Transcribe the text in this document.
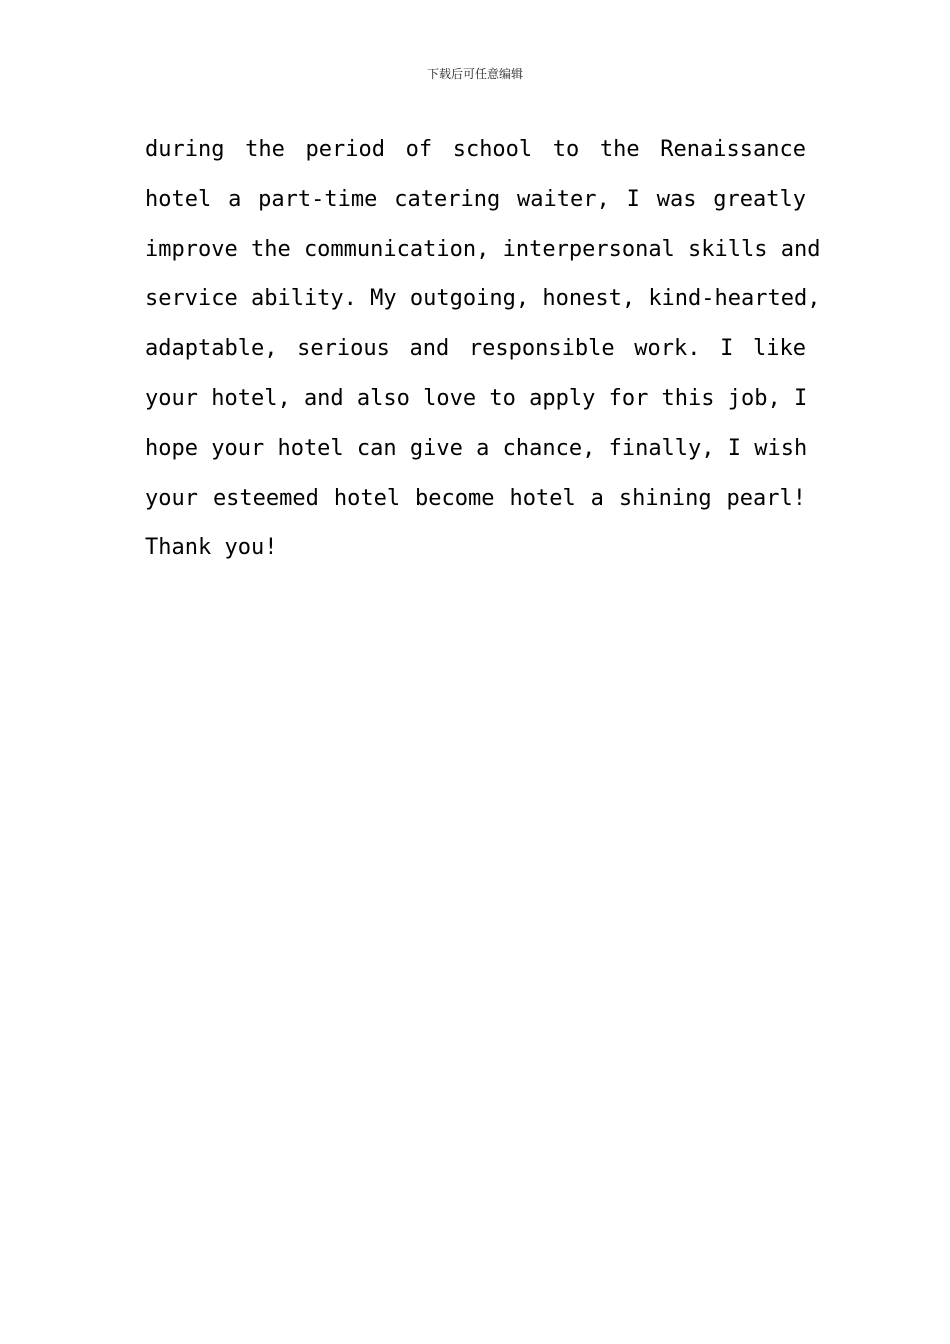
下载后可任意编辑
during the period of school to the Renaissance
hotel a part-time catering waiter, I was greatly
improve the communication, interpersonal skills and
service ability. My outgoing, honest, kind-hearted,
adaptable, serious and responsible work. I like
your hotel, and also love to apply for this job, I
hope your hotel can give a chance, finally, I wish
your esteemed hotel become hotel a shining pearl!
Thank you!
